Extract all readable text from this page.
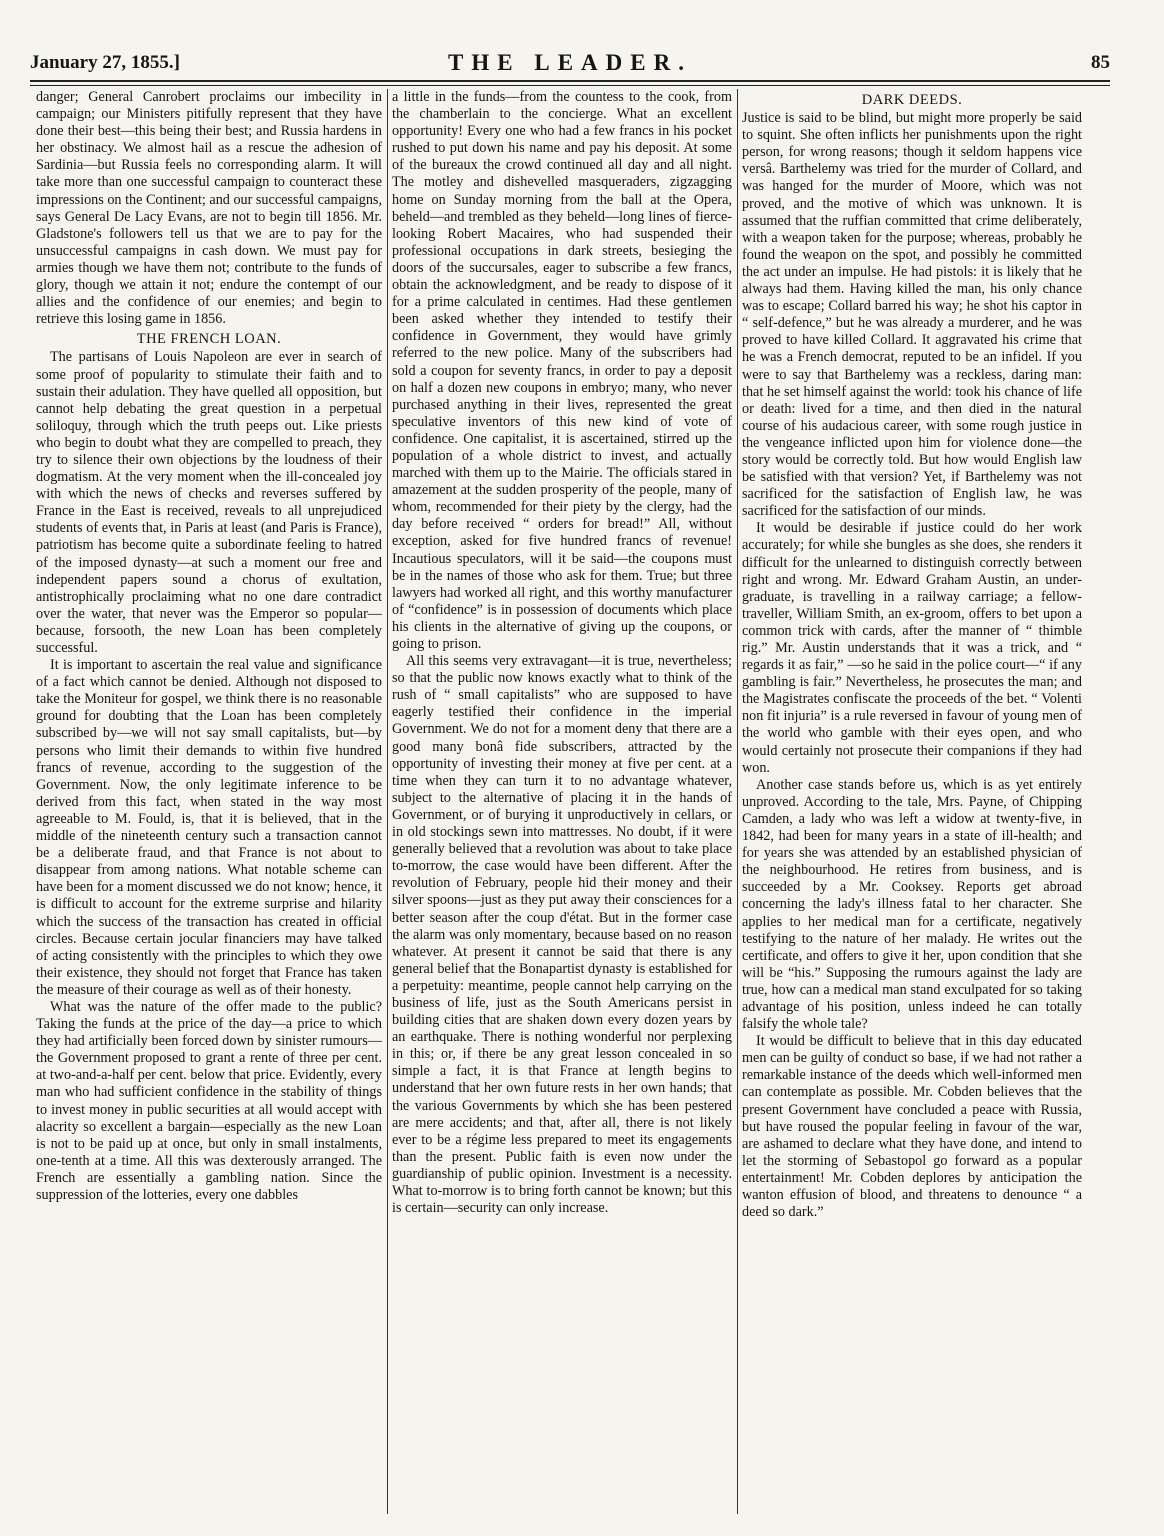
January 27, 1855.]	THE LEADER.	85

danger; General Canrobert proclaims our imbecility in campaign; our Ministers pitifully represent that they have done their best—this being their best; and Russia hardens in her obstinacy. We almost hail as a rescue the adhesion of Sardinia—but Russia feels no corresponding alarm. It will take more than one successful campaign to counteract these impressions on the Continent; and our successful campaigns, says General De Lacy Evans, are not to begin till 1856. Mr. Gladstone's followers tell us that we are to pay for the unsuccessful campaigns in cash down. We must pay for armies though we have them not; contribute to the funds of glory, though we attain it not; endure the contempt of our allies and the confidence of our enemies; and begin to retrieve this losing game in 1856.

THE FRENCH LOAN.

The partisans of Louis Napoleon are ever in search of some proof of popularity to stimulate their faith and to sustain their adulation. They have quelled all opposition, but cannot help debating the great question in a perpetual soliloquy, through which the truth peeps out. Like priests who begin to doubt what they are compelled to preach, they try to silence their own objections by the loudness of their dogmatism. At the very moment when the ill-concealed joy with which the news of checks and reverses suffered by France in the East is received, reveals to all unprejudiced students of events that, in Paris at least (and Paris is France), patriotism has become quite a subordinate feeling to hatred of the imposed dynasty—at such a moment our free and independent papers sound a chorus of exultation, antistrophically proclaiming what no one dare contradict over the water, that never was the Emperor so popular—because, forsooth, the new Loan has been completely successful.

It is important to ascertain the real value and significance of a fact which cannot be denied. Although not disposed to take the Moniteur for gospel, we think there is no reasonable ground for doubting that the Loan has been completely subscribed by—we will not say small capitalists, but—by persons who limit their demands to within five hundred francs of revenue, according to the suggestion of the Government. Now, the only legitimate inference to be derived from this fact, when stated in the way most agreeable to M. Fould, is, that it is believed, that in the middle of the nineteenth century such a transaction cannot be a deliberate fraud, and that France is not about to disappear from among nations. What notable scheme can have been for a moment discussed we do not know; hence, it is difficult to account for the extreme surprise and hilarity which the success of the transaction has created in official circles. Because certain jocular financiers may have talked of acting consistently with the principles to which they owe their existence, they should not forget that France has taken the measure of their courage as well as of their honesty.

What was the nature of the offer made to the public? Taking the funds at the price of the day—a price to which they had artificially been forced down by sinister rumours—the Government proposed to grant a rente of three per cent. at two-and-a-half per cent. below that price. Evidently, every man who had sufficient confidence in the stability of things to invest money in public securities at all would accept with alacrity so excellent a bargain—especially as the new Loan is not to be paid up at once, but only in small instalments, one-tenth at a time. All this was dexterously arranged. The French are essentially a gambling nation. Since the suppression of the lotteries, every one dabbles

a little in the funds—from the countess to the cook, from the chamberlain to the concierge. What an excellent opportunity! Every one who had a few francs in his pocket rushed to put down his name and pay his deposit. At some of the bureaux the crowd continued all day and all night. The motley and dishevelled masqueraders, zigzagging home on Sunday morning from the ball at the Opera, beheld—and trembled as they beheld—long lines of fierce-looking Robert Macaires, who had suspended their professional occupations in dark streets, besieging the doors of the succursales, eager to subscribe a few francs, obtain the acknowledgment, and be ready to dispose of it for a prime calculated in centimes. Had these gentlemen been asked whether they intended to testify their confidence in Government, they would have grimly referred to the new police. Many of the subscribers had sold a coupon for seventy francs, in order to pay a deposit on half a dozen new coupons in embryo; many, who never purchased anything in their lives, represented the great speculative inventors of this new kind of vote of confidence. One capitalist, it is ascertained, stirred up the population of a whole district to invest, and actually marched with them up to the Mairie. The officials stared in amazement at the sudden prosperity of the people, many of whom, recommended for their piety by the clergy, had the day before received “ orders for bread!” All, without exception, asked for five hundred francs of revenue! Incautious speculators, will it be said—the coupons must be in the names of those who ask for them. True; but three lawyers had worked all right, and this worthy manufacturer of “confidence” is in possession of documents which place his clients in the alternative of giving up the coupons, or going to prison.

All this seems very extravagant—it is true, nevertheless; so that the public now knows exactly what to think of the rush of “ small capitalists” who are supposed to have eagerly testified their confidence in the imperial Government. We do not for a moment deny that there are a good many bonâ fide subscribers, attracted by the opportunity of investing their money at five per cent. at a time when they can turn it to no advantage whatever, subject to the alternative of placing it in the hands of Government, or of burying it unproductively in cellars, or in old stockings sewn into mattresses. No doubt, if it were generally believed that a revolution was about to take place to-morrow, the case would have been different. After the revolution of February, people hid their money and their silver spoons—just as they put away their consciences for a better season after the coup d'état. But in the former case the alarm was only momentary, because based on no reason whatever. At present it cannot be said that there is any general belief that the Bonapartist dynasty is established for a perpetuity: meantime, people cannot help carrying on the business of life, just as the South Americans persist in building cities that are shaken down every dozen years by an earthquake. There is nothing wonderful nor perplexing in this; or, if there be any great lesson concealed in so simple a fact, it is that France at length begins to understand that her own future rests in her own hands; that the various Governments by which she has been pestered are mere accidents; and that, after all, there is not likely ever to be a régime less prepared to meet its engagements than the present. Public faith is even now under the guardianship of public opinion. Investment is a necessity. What to-morrow is to bring forth cannot be known; but this is certain—security can only increase.

DARK DEEDS.

Justice is said to be blind, but might more properly be said to squint. She often inflicts her punishments upon the right person, for wrong reasons; though it seldom happens vice versâ. Barthelemy was tried for the murder of Collard, and was hanged for the murder of Moore, which was not proved, and the motive of which was unknown. It is assumed that the ruffian committed that crime deliberately, with a weapon taken for the purpose; whereas, probably he found the weapon on the spot, and possibly he committed the act under an impulse. He had pistols: it is likely that he always had them. Having killed the man, his only chance was to escape; Collard barred his way; he shot his captor in “ self-defence,” but he was already a murderer, and he was proved to have killed Collard. It aggravated his crime that he was a French democrat, reputed to be an infidel. If you were to say that Barthelemy was a reckless, daring man: that he set himself against the world: took his chance of life or death: lived for a time, and then died in the natural course of his audacious career, with some rough justice in the vengeance inflicted upon him for violence done—the story would be correctly told. But how would English law be satisfied with that version? Yet, if Barthelemy was not sacrificed for the satisfaction of English law, he was sacrificed for the satisfaction of our minds.

It would be desirable if justice could do her work accurately; for while she bungles as she does, she renders it difficult for the unlearned to distinguish correctly between right and wrong. Mr. Edward Graham Austin, an under-graduate, is travelling in a railway carriage; a fellow-traveller, William Smith, an ex-groom, offers to bet upon a common trick with cards, after the manner of “ thimble rig.” Mr. Austin understands that it was a trick, and “ regards it as fair,” —so he said in the police court—“ if any gambling is fair.” Nevertheless, he prosecutes the man; and the Magistrates confiscate the proceeds of the bet. “ Volenti non fit injuria” is a rule reversed in favour of young men of the world who gamble with their eyes open, and who would certainly not prosecute their companions if they had won.

Another case stands before us, which is as yet entirely unproved. According to the tale, Mrs. Payne, of Chipping Camden, a lady who was left a widow at twenty-five, in 1842, had been for many years in a state of ill-health; and for years she was attended by an established physician of the neighbourhood. He retires from business, and is succeeded by a Mr. Cooksey. Reports get abroad concerning the lady's illness fatal to her character. She applies to her medical man for a certificate, negatively testifying to the nature of her malady. He writes out the certificate, and offers to give it her, upon condition that she will be “his.” Supposing the rumours against the lady are true, how can a medical man stand exculpated for so taking advantage of his position, unless indeed he can totally falsify the whole tale?

It would be difficult to believe that in this day educated men can be guilty of conduct so base, if we had not rather a remarkable instance of the deeds which well-informed men can contemplate as possible. Mr. Cobden believes that the present Government have concluded a peace with Russia, but have roused the popular feeling in favour of the war, are ashamed to declare what they have done, and intend to let the storming of Sebastopol go forward as a popular entertainment! Mr. Cobden deplores by anticipation the wanton effusion of blood, and threatens to denounce “ a deed so dark.”
